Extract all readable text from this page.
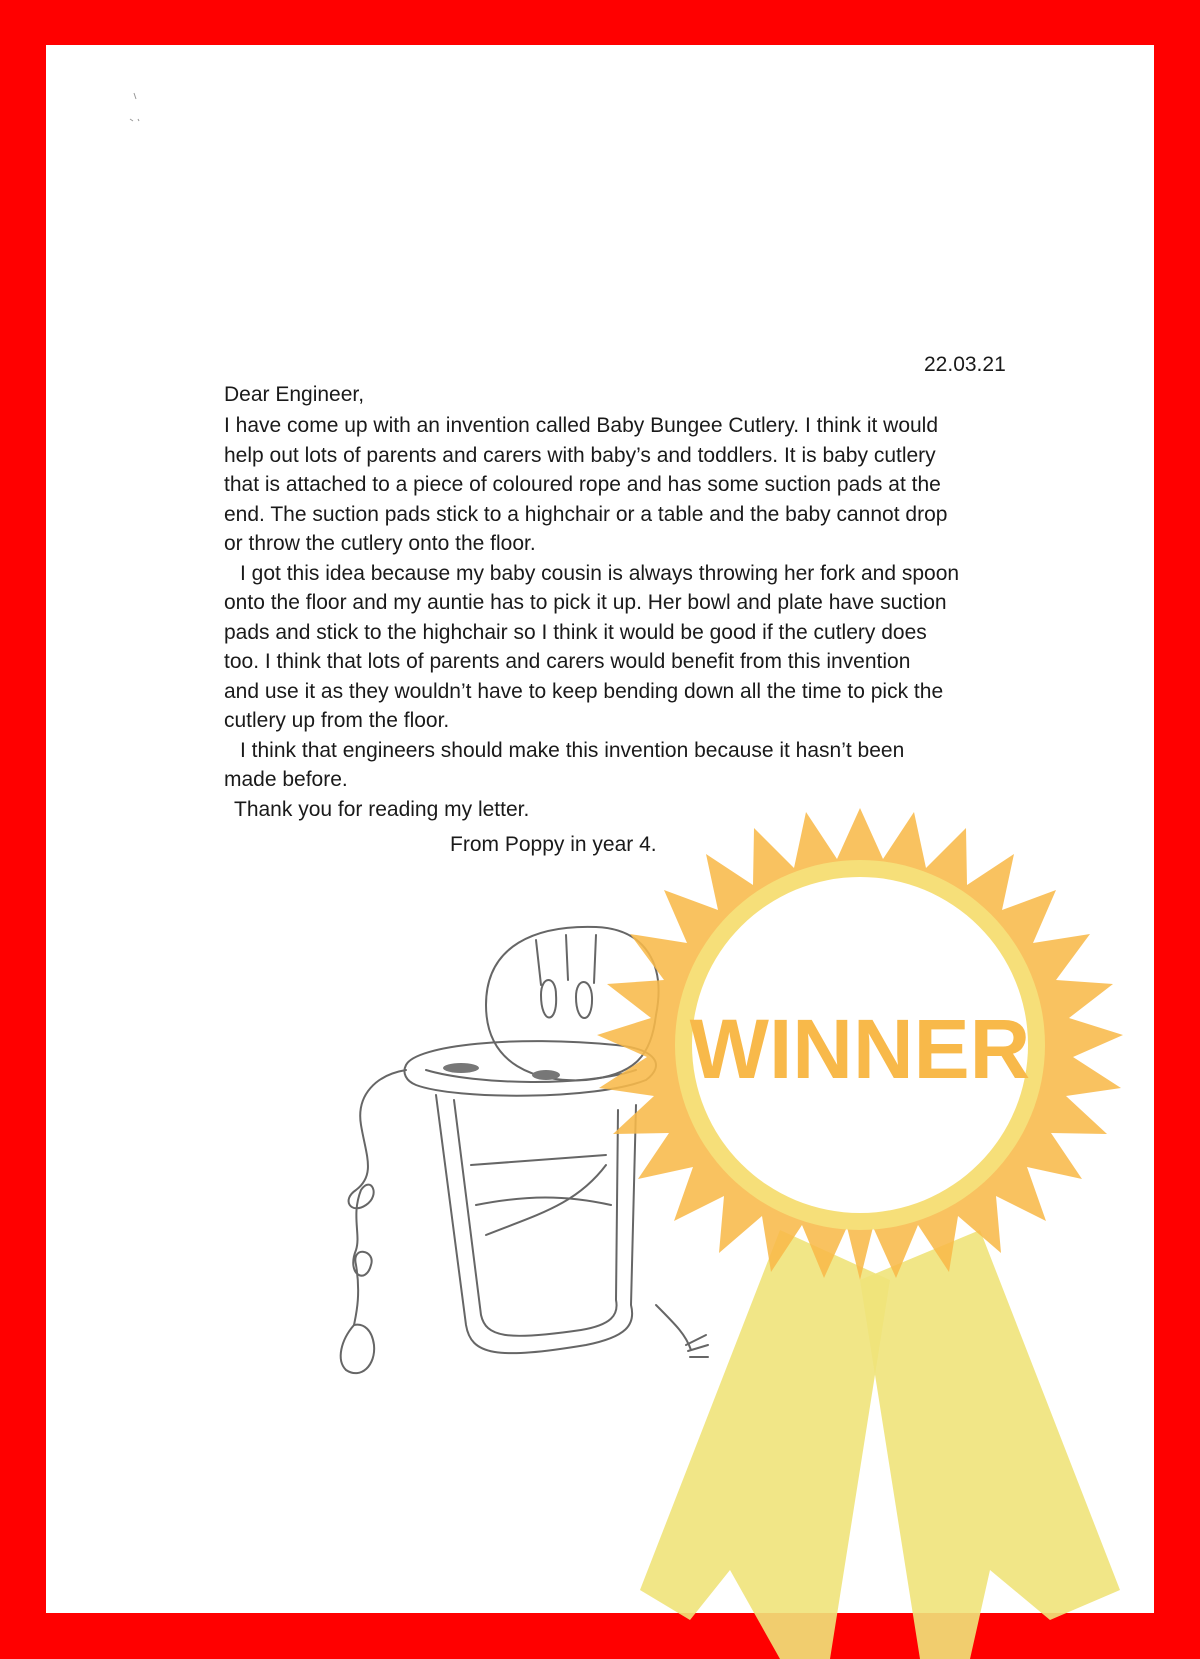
22.03.21

Dear Engineer,

I have come up with an invention called Baby Bungee Cutlery. I think it would
help out lots of parents and carers with baby’s and toddlers. It is baby cutlery
that is attached to a piece of coloured rope and has some suction pads at the
end. The suction pads stick to a highchair or a table and the baby cannot drop
or throw the cutlery onto the floor.
I got this idea because my baby cousin is always throwing her fork and spoon
onto the floor and my auntie has to pick it up. Her bowl and plate have suction
pads and stick to the highchair so I think it would be good if the cutlery does
too. I think that lots of parents and carers would benefit from this invention
and use it as they wouldn’t have to keep bending down all the time to pick the
cutlery up from the floor.
I think that engineers should make this invention because it hasn’t been
made before.
Thank you for reading my letter.

From Poppy in year 4.

WINNER
